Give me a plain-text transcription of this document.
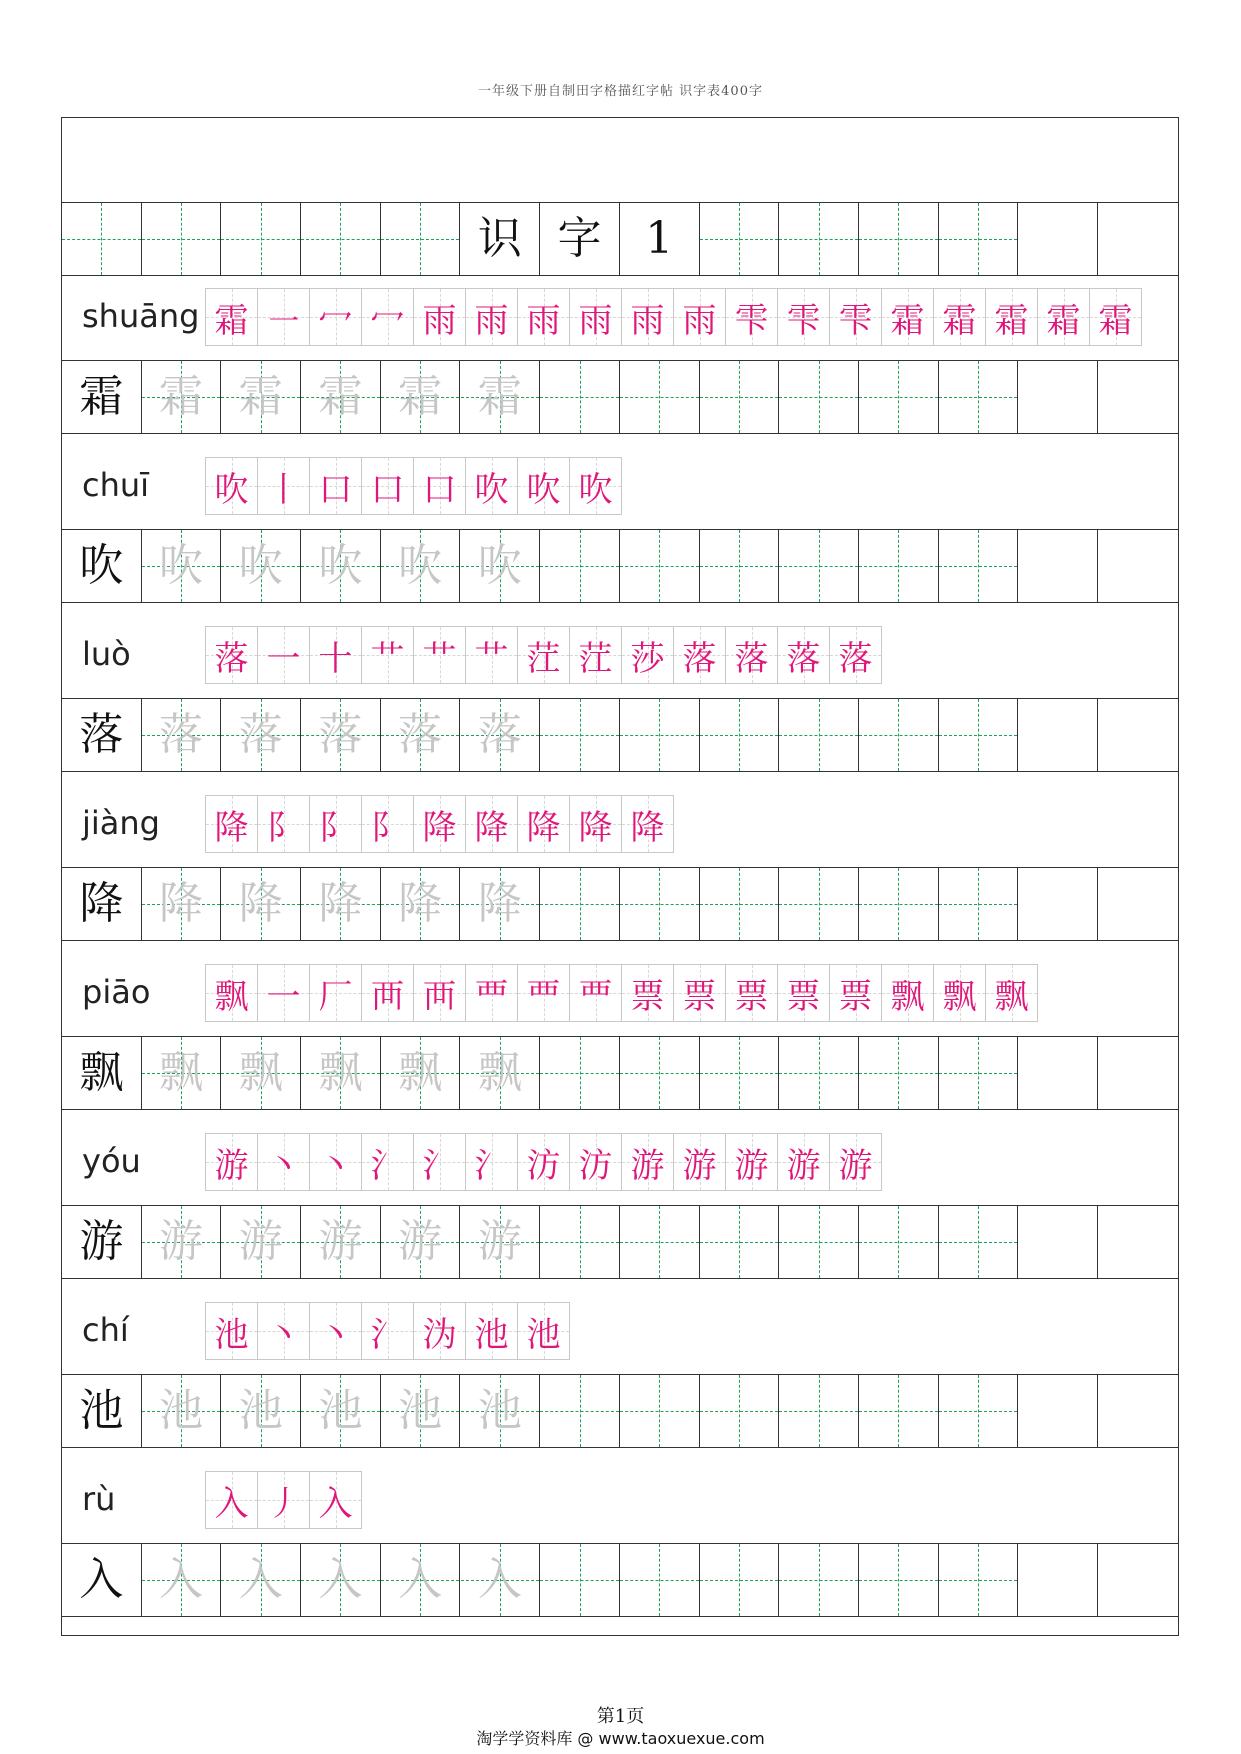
一年级下册自制田字格描红字帖 识字表400字
识 字 1
shuāng 霜 ㇐ 冖 冖 雨 雨 雨 雨 雨 雨 雫 雫 雫 霜 霜 霜 霜 霜
霜 霜 霜 霜 霜 霜
chuī 吹 丨 口 口 口 吹 吹 吹
吹 吹 吹 吹 吹 吹
luò 落 一 十 艹 艹 艹 茳 茳 莎 落 落 落 落
落 落 落 落 落 落
jiàng 降 阝 阝 阝 降 降 降 降 降
降 降 降 降 降 降
piāo 飘 一 厂 襾 襾 覀 覀 覀 票 票 票 票 票 飘 飘 飘
飘 飘 飘 飘 飘 飘
yóu 游 丶 丶 氵 氵 氵 汸 汸 游 游 游 游 游
游 游 游 游 游 游
chí	池 丶 丶 氵 沩 池 池
池 池 池 池 池 池
rù	入 丿 入
入 入 入 入 入 入
第1页
淘学学资料库 @ www.taoxuexue.com
